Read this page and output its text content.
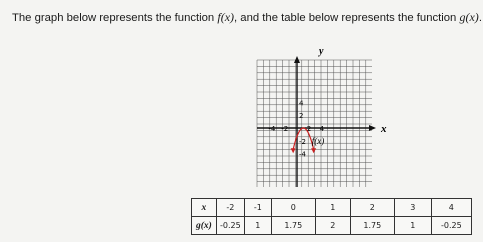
The graph below represents the function f(x), and the table below represents the function g(x).
y
x
-4 -2	2 4
4
2
-2
-4
f(x)
x	-2	-1	0	1	2	3	4
g(x)	-0.25	1	1.75	2	1.75	1	-0.25
